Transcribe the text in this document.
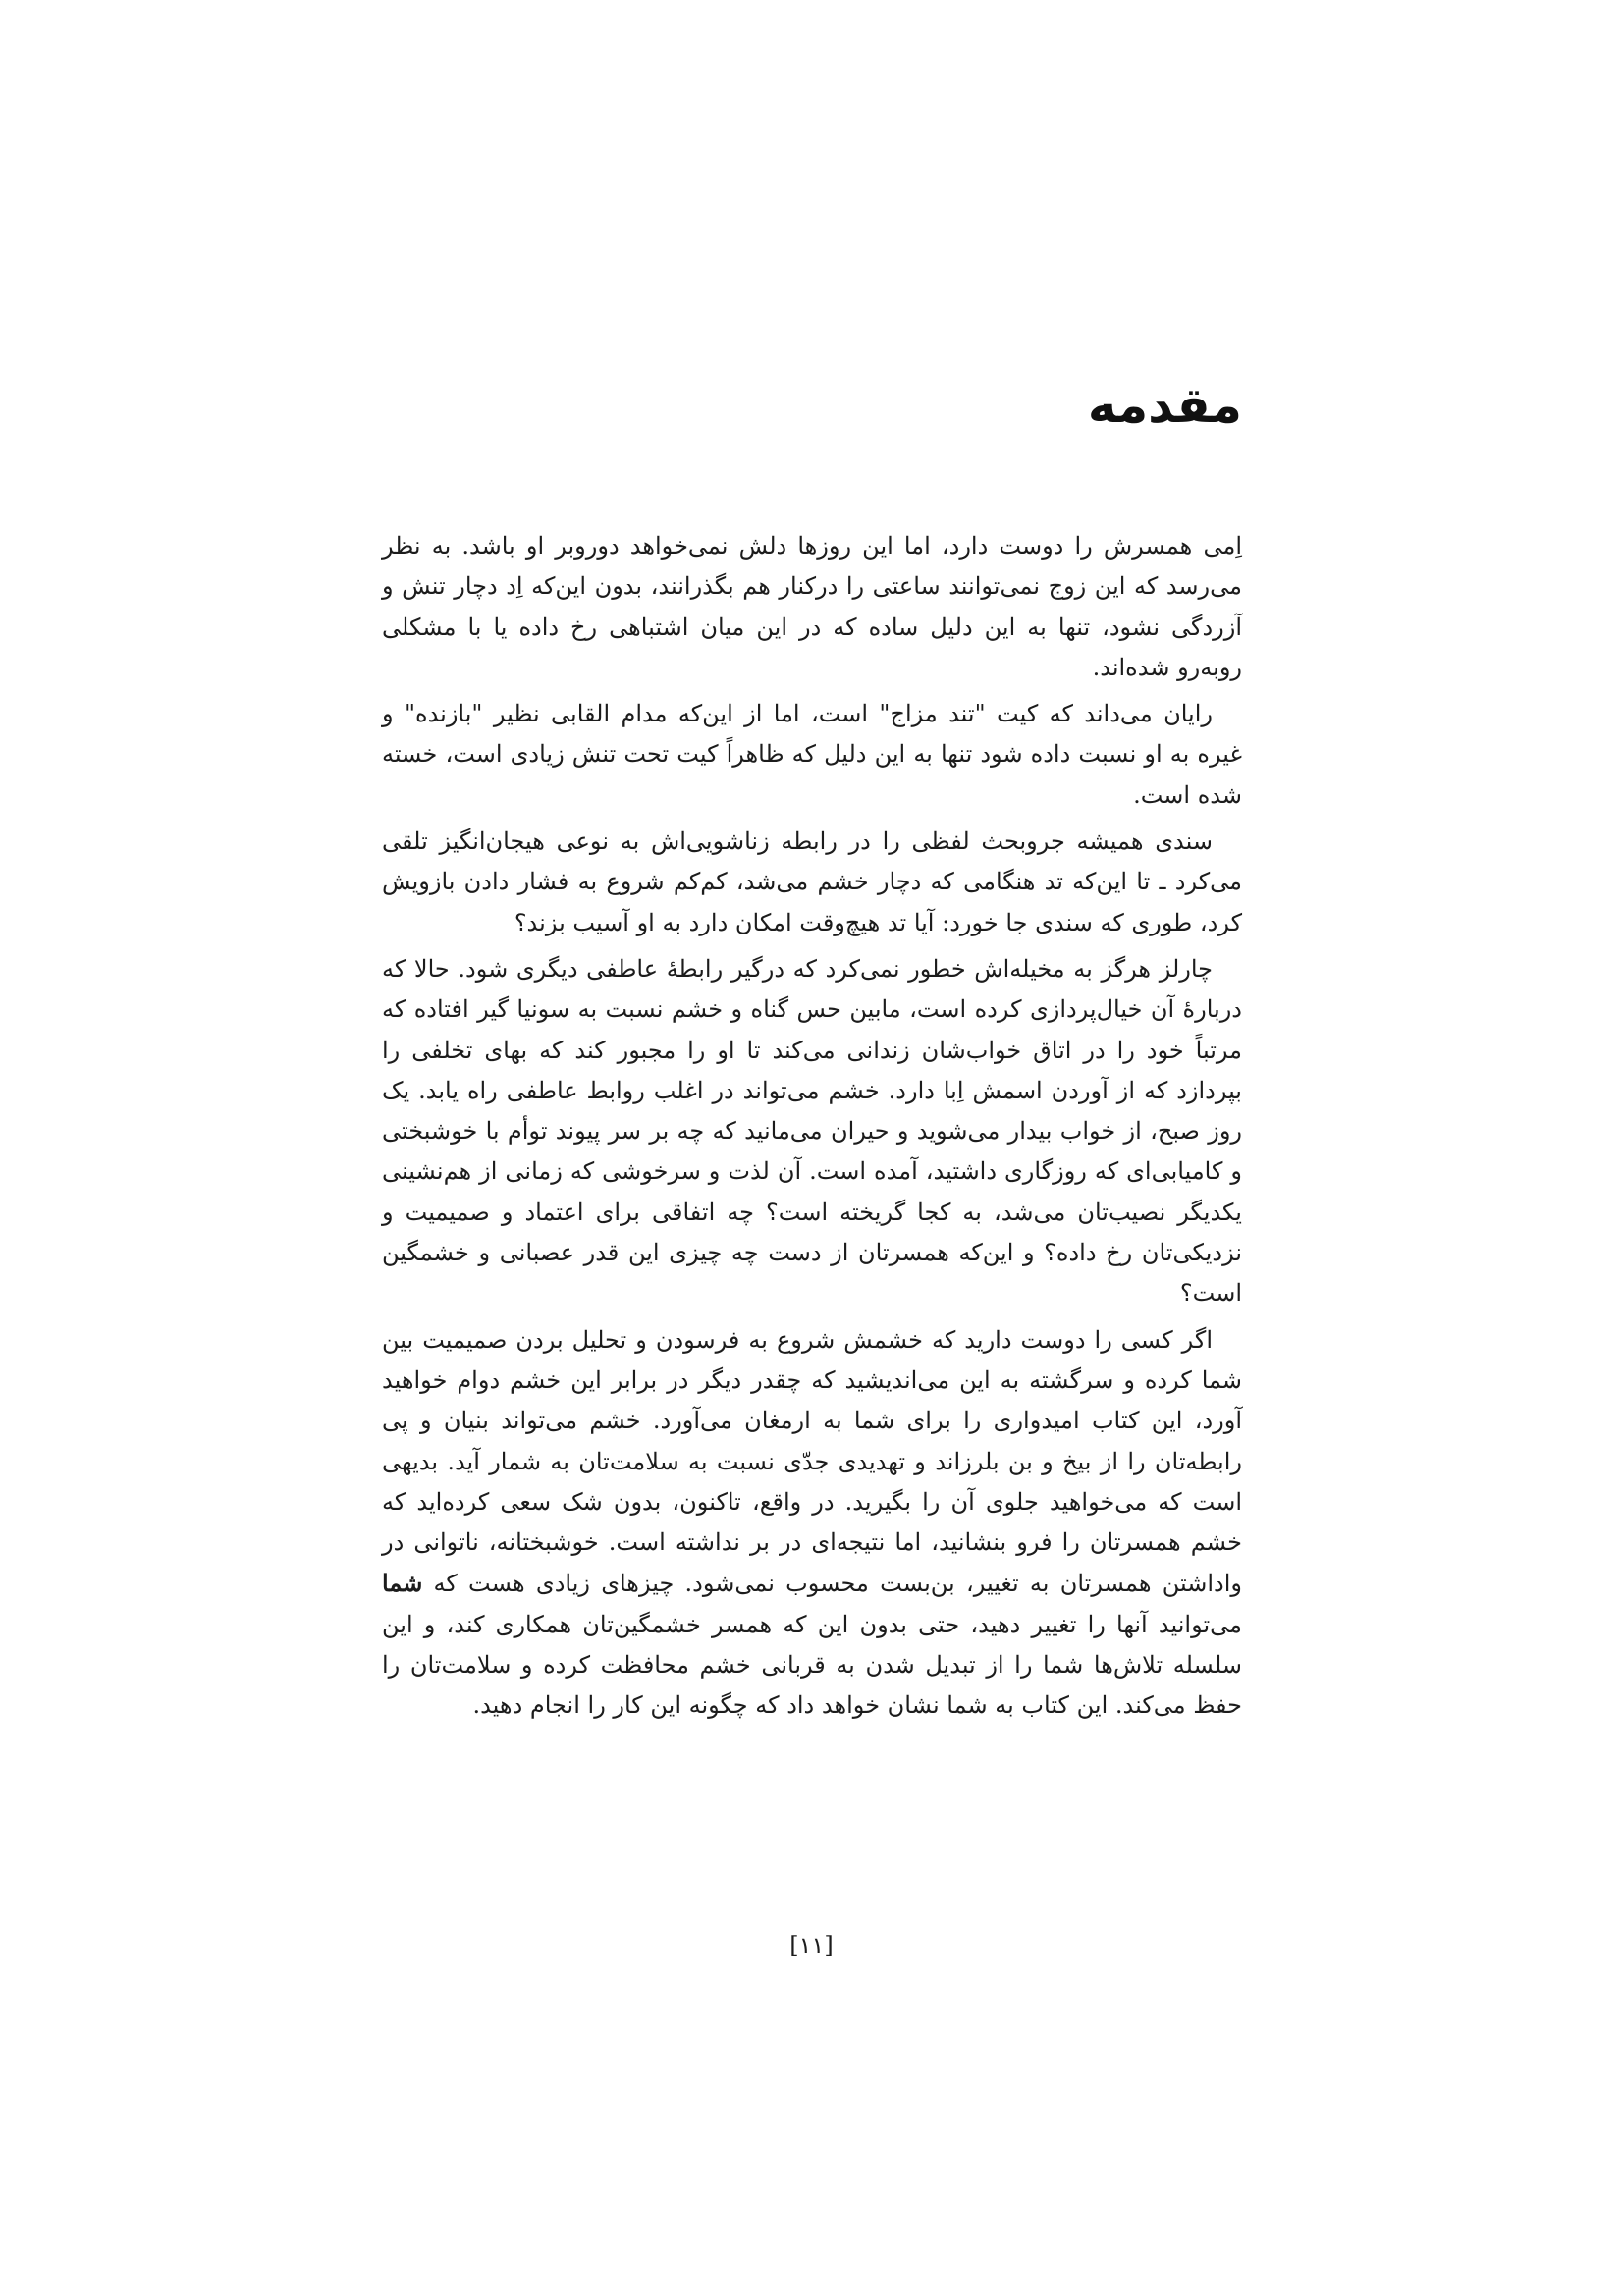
مقدمه

اِمی همسرش را دوست دارد، اما این روزها دلش نمی‌خواهد دوروبر او باشد. به نظر می‌رسد که این زوج نمی‌توانند ساعتی را درکنار هم بگذرانند، بدون این‌که اِد دچار تنش و آزردگی نشود، تنها به این دلیل ساده که در این میان اشتباهی رخ داده یا با مشکلی روبه‌رو شده‌اند.

رایان می‌داند که کیت "تند مزاج" است، اما از این‌که مدام القابی نظیر "بازنده" و غیره به او نسبت داده شود تنها به این دلیل که ظاهراً کیت تحت تنش زیادی است، خسته شده است.

سندی همیشه جروبحث لفظی را در رابطه زناشویی‌اش به نوعی هیجان‌انگیز تلقی می‌کرد ـ تا این‌که تد هنگامی که دچار خشم می‌شد، کم‌کم شروع به فشار دادن بازویش کرد، طوری که سندی جا خورد: آیا تد هیچ‌وقت امکان دارد به او آسیب بزند؟

چارلز هرگز به مخیله‌اش خطور نمی‌کرد که درگیر رابطهٔ عاطفی دیگری شود. حالا که دربارهٔ آن خیال‌پردازی کرده است، مابین حس گناه و خشم نسبت به سونیا گیر افتاده که مرتباً خود را در اتاق خواب‌شان زندانی می‌کند تا او را مجبور کند که بهای تخلفی را بپردازد که از آوردن اسمش اِبا دارد. خشم می‌تواند در اغلب روابط عاطفی راه یابد. یک روز صبح، از خواب بیدار می‌شوید و حیران می‌مانید که چه بر سر پیوند توأم با خوشبختی و کامیابی‌ای که روزگاری داشتید، آمده است. آن لذت و سرخوشی که زمانی از هم‌نشینی یکدیگر نصیب‌تان می‌شد، به کجا گریخته است؟ چه اتفاقی برای اعتماد و صمیمیت و نزدیکی‌تان رخ داده؟ و این‌که همسرتان از دست چه چیزی این قدر عصبانی و خشمگین است؟

اگر کسی را دوست دارید که خشمش شروع به فرسودن و تحلیل بردن صمیمیت بین شما کرده و سرگشته به این می‌اندیشید که چقدر دیگر در برابر این خشم دوام خواهید آورد، این کتاب امیدواری را برای شما به ارمغان می‌آورد. خشم می‌تواند بنیان و پی رابطه‌تان را از بیخ و بن بلرزاند و تهدیدی جدّی نسبت به سلامت‌تان به شمار آید. بدیهی است که می‌خواهید جلوی آن را بگیرید. در واقع، تاکنون، بدون شک سعی کرده‌اید که خشم همسرتان را فرو بنشانید، اما نتیجه‌ای در بر نداشته است. خوشبختانه، ناتوانی در واداشتن همسرتان به تغییر، بن‌بست محسوب نمی‌شود. چیزهای زیادی هست که شما می‌توانید آنها را تغییر دهید، حتی بدون این که همسر خشمگین‌تان همکاری کند، و این سلسله تلاش‌ها شما را از تبدیل شدن به قربانی خشم محافظت کرده و سلامت‌تان را حفظ می‌کند. این کتاب به شما نشان خواهد داد که چگونه این کار را انجام دهید.

[۱۱]
